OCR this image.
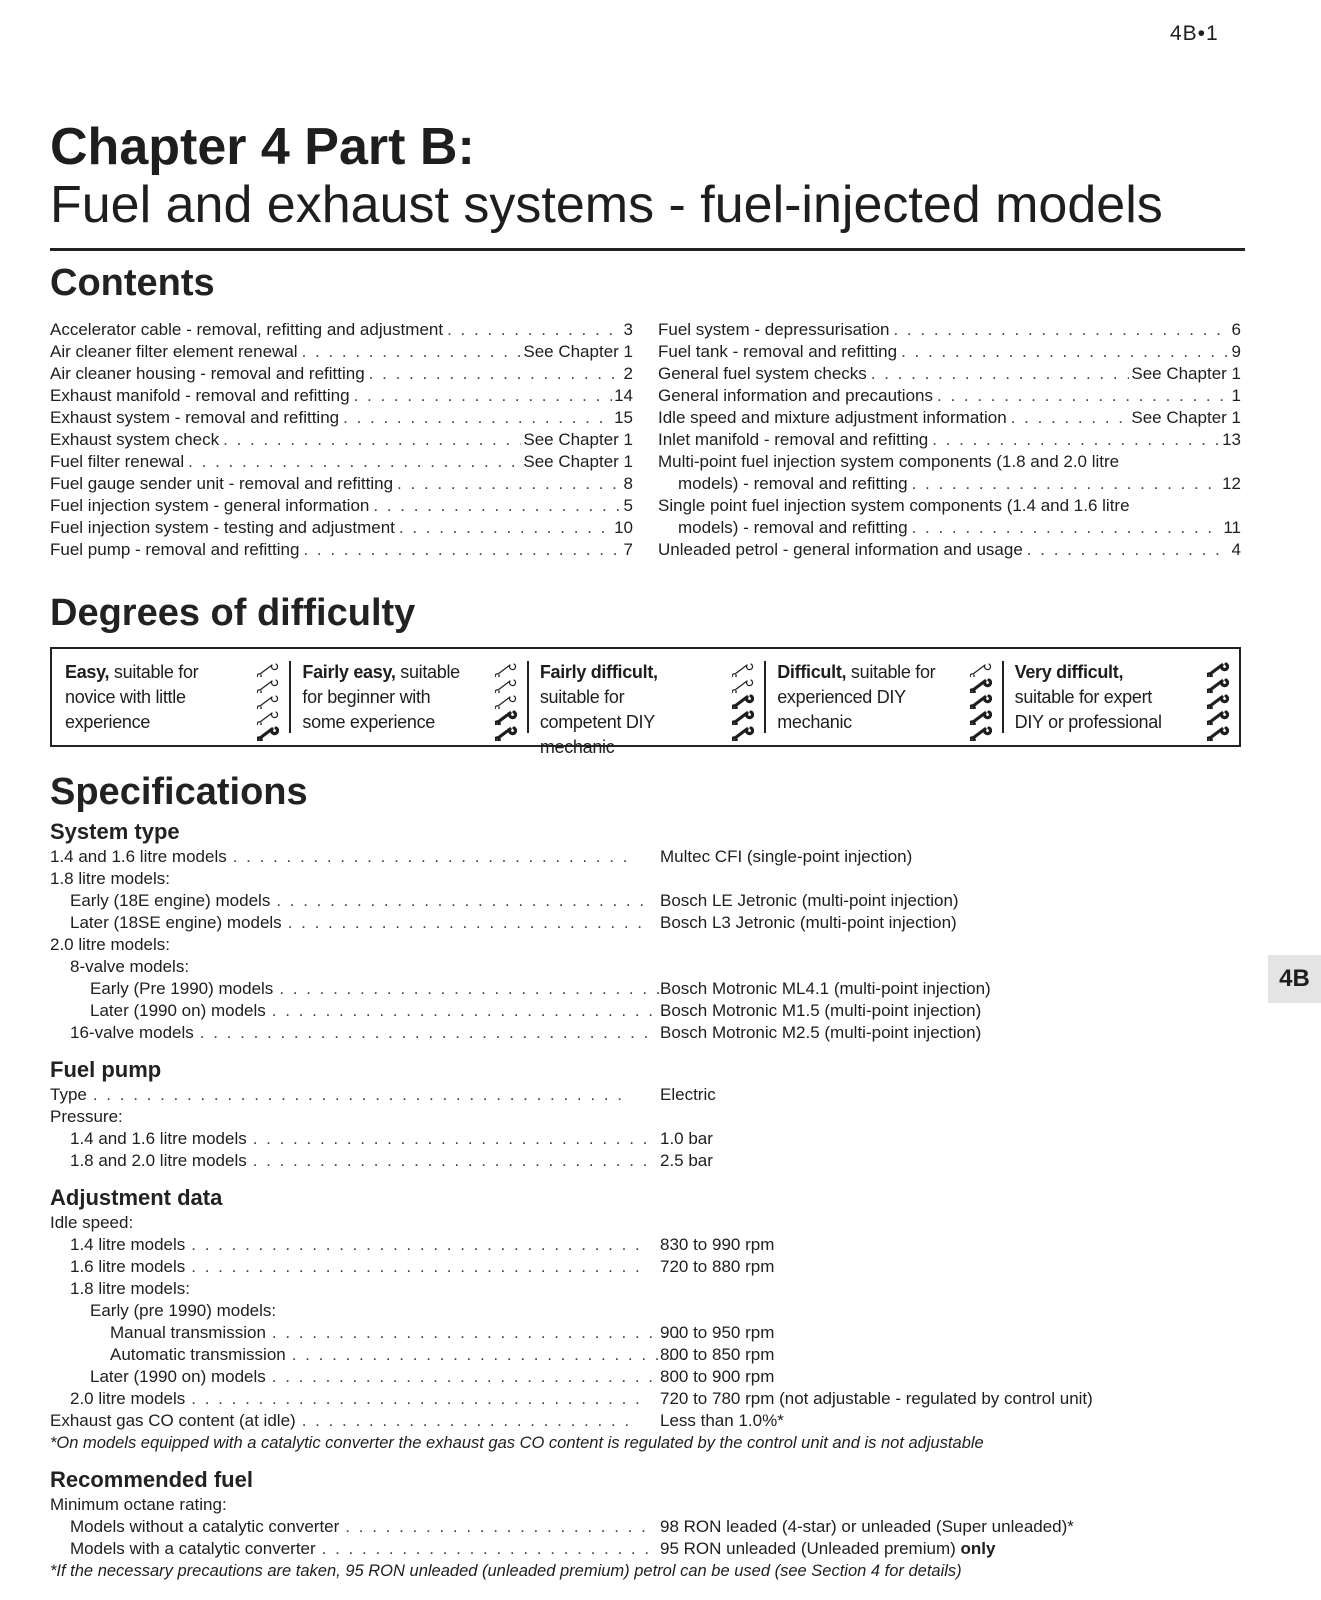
4B•1
Chapter 4 Part B:
Fuel and exhaust systems - fuel-injected models
Contents
Accelerator cable - removal, refitting and adjustment . . .	3
Air cleaner filter element renewal . . .	See Chapter 1
Air cleaner housing - removal and refitting . . .	2
Exhaust manifold - removal and refitting . . .	14
Exhaust system - removal and refitting . . .	15
Exhaust system check . . .	See Chapter 1
Fuel filter renewal . . .	See Chapter 1
Fuel gauge sender unit - removal and refitting . . .	8
Fuel injection system - general information . . .	5
Fuel injection system - testing and adjustment . . .	10
Fuel pump - removal and refitting . . .	7
Fuel system - depressurisation . . .	6
Fuel tank - removal and refitting . . .	9
General fuel system checks . . .	See Chapter 1
General information and precautions . . .	1
Idle speed and mixture adjustment information . . .	See Chapter 1
Inlet manifold - removal and refitting . . .	13
Multi-point fuel injection system components (1.8 and 2.0 litre
models) - removal and refitting . . .	12
Single point fuel injection system components (1.4 and 1.6 litre
models) - removal and refitting . . .	11
Unleaded petrol - general information and usage . . .	4
Degrees of difficulty
Easy, suitable for novice with little experience
Fairly easy, suitable for beginner with some experience
Fairly difficult, suitable for competent DIY mechanic
Difficult, suitable for experienced DIY mechanic
Very difficult, suitable for expert DIY or professional
Specifications
System type
1.4 and 1.6 litre models . . .	Multec CFI (single-point injection)
1.8 litre models:
Early (18E engine) models . . .	Bosch LE Jetronic (multi-point injection)
Later (18SE engine) models . . .	Bosch L3 Jetronic (multi-point injection)
2.0 litre models:
8-valve models:
Early (Pre 1990) models . . .	Bosch Motronic ML4.1 (multi-point injection)
Later (1990 on) models . . .	Bosch Motronic M1.5 (multi-point injection)
16-valve models . . .	Bosch Motronic M2.5 (multi-point injection)
Fuel pump
Type . . .	Electric
Pressure:
1.4 and 1.6 litre models . . .	1.0 bar
1.8 and 2.0 litre models . . .	2.5 bar
Adjustment data
Idle speed:
1.4 litre models . . .	830 to 990 rpm
1.6 litre models . . .	720 to 880 rpm
1.8 litre models:
Early (pre 1990) models:
Manual transmission . . .	900 to 950 rpm
Automatic transmission . . .	800 to 850 rpm
Later (1990 on) models . . .	800 to 900 rpm
2.0 litre models . . .	720 to 780 rpm (not adjustable - regulated by control unit)
Exhaust gas CO content (at idle) . . .	Less than 1.0%*
*On models equipped with a catalytic converter the exhaust gas CO content is regulated by the control unit and is not adjustable
Recommended fuel
Minimum octane rating:
Models without a catalytic converter . . .	98 RON leaded (4-star) or unleaded (Super unleaded)*
Models with a catalytic converter . . .	95 RON unleaded (Unleaded premium) only
*If the necessary precautions are taken, 95 RON unleaded (unleaded premium) petrol can be used (see Section 4 for details)
4B
